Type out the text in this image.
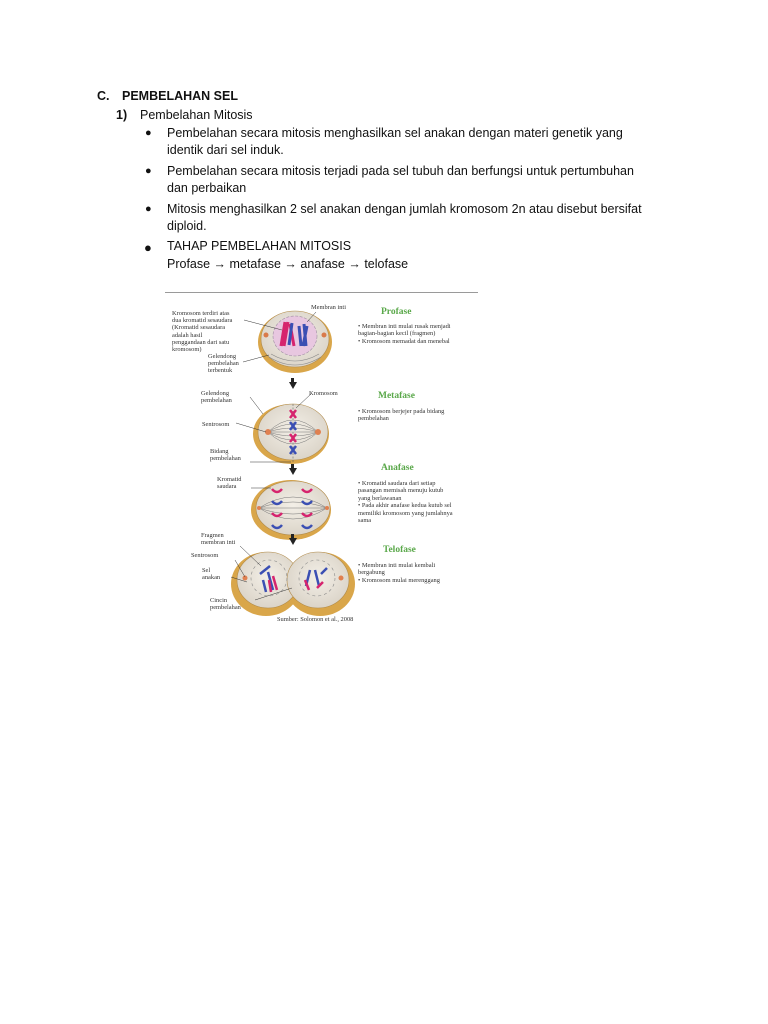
C. PEMBELAHAN SEL
1) Pembelahan Mitosis
● Pembelahan secara mitosis menghasilkan sel anakan dengan materi genetik yang
identik dari sel induk.
● Pembelahan secara mitosis terjadi pada sel tubuh dan berfungsi untuk pertumbuhan
dan perbaikan
● Mitosis menghasilkan 2 sel anakan dengan jumlah kromosom 2n atau disebut bersifat
diploid.
● TAHAP PEMBELAHAN MITOSIS
Profase → metafase → anafase → telofase
Kromosom terdiri atas
dua kromatid sesaudara
(Kromatid sesaudara
adalah hasil
penggandaan dari satu
kromosom)
Membran inti
Gelendong
pembelahan
terbentuk
Profase
• Membran inti mulai rusak menjadi
bagian-bagian kecil (fragmen)
• Kromosom memadat dan menebal
Gelendong
pembelahan
Kromosom
Sentrosom
Bidang
pembelahan
Metafase
• Kromosom berjejer pada bidang
pembelahan
Kromatid
saudara
Anafase
• Kromatid saudara dari setiap
pasangan memisah menuju kutub
yang berlawanan
• Pada akhir anafase kedua kutub sel
memiliki kromosom yang jumlahnya
sama
Fragmen
membran inti
Sentrosom
Sel
anakan
Cincin
pembelahan
Telofase
• Membran inti mulai kembali
bergabung
• Kromosom mulai merenggang
Sumber: Solomon et al., 2008
